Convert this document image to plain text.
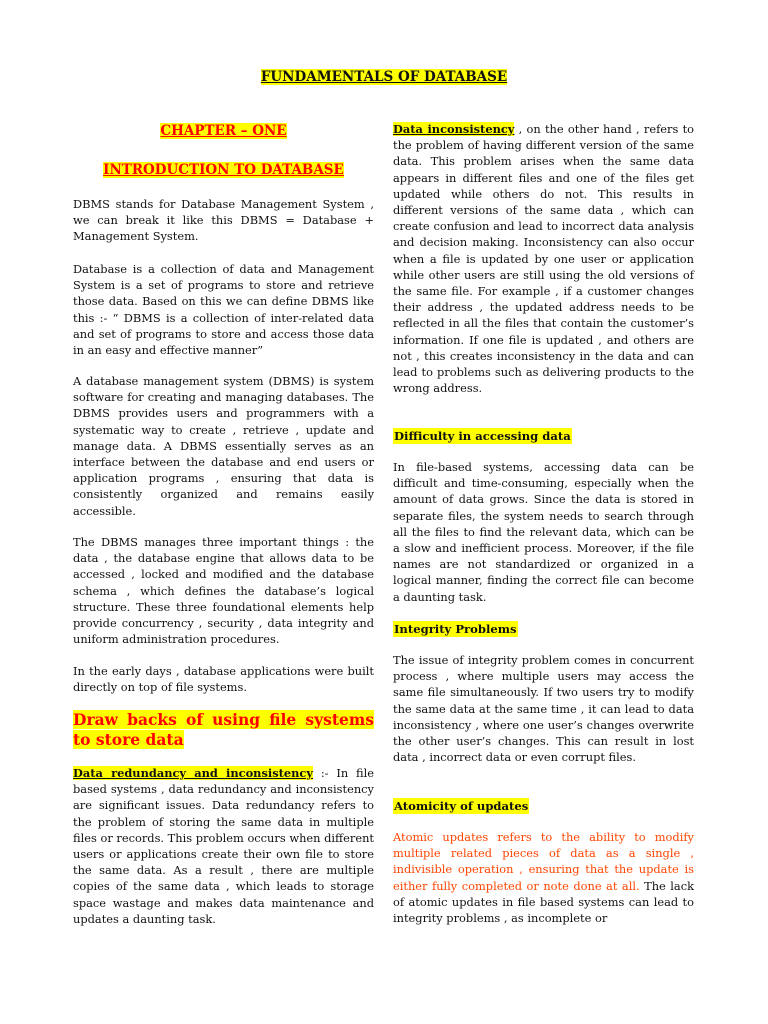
FUNDAMENTALS OF DATABASE
CHAPTER – ONE
INTRODUCTION TO DATABASE

DBMS stands for Database Management System , we can break it like this DBMS = Database + Management System.

Database is a collection of data and Management System is a set of programs to store and retrieve those data. Based on this we can define DBMS like this :- “ DBMS is a collection of inter-related data and set of programs to store and access those data in an easy and effective manner”

A database management system (DBMS) is system software for creating and managing databases. The DBMS provides users and programmers with a systematic way to create , retrieve , update and manage data. A DBMS essentially serves as an interface between the database and end users or application programs , ensuring that data is consistently organized and remains easily accessible.

The DBMS manages three important things : the data , the database engine that allows data to be accessed , locked and modified and the database schema , which defines the database’s logical structure. These three foundational elements help provide concurrency , security , data integrity and uniform administration procedures.

In the early days , database applications were built directly on top of file systems.

Draw backs of using file systems to store data

Data redundancy and inconsistency :- In file based systems , data redundancy and inconsistency are significant issues. Data redundancy refers to the problem of storing the same data in multiple files or records. This problem occurs when different users or applications create their own file to store the same data. As a result , there are multiple copies of the same data , which leads to storage space wastage and makes data maintenance and updates a daunting task.

Data inconsistency , on the other hand , refers to the problem of having different version of the same data. This problem arises when the same data appears in different files and one of the files get updated while others do not. This results in different versions of the same data , which can create confusion and lead to incorrect data analysis and decision making. Inconsistency can also occur when a file is updated by one user or application while other users are still using the old versions of the same file. For example , if a customer changes their address , the updated address needs to be reflected in all the files that contain the customer’s information. If one file is updated , and others are not , this creates inconsistency in the data and can lead to problems such as delivering products to the wrong address.

Difficulty in accessing data

In file-based systems, accessing data can be difficult and time-consuming, especially when the amount of data grows. Since the data is stored in separate files, the system needs to search through all the files to find the relevant data, which can be a slow and inefficient process. Moreover, if the file names are not standardized or organized in a logical manner, finding the correct file can become a daunting task.

Integrity Problems

The issue of integrity problem comes in concurrent process , where multiple users may access the same file simultaneously. If two users try to modify the same data at the same time , it can lead to data inconsistency , where one user’s changes overwrite the other user’s changes. This can result in lost data , incorrect data or even corrupt files.

Atomicity of updates

Atomic updates refers to the ability to modify multiple related pieces of data as a single , indivisible operation , ensuring that the update is either fully completed or note done at all. The lack of atomic updates in file based systems can lead to integrity problems , as incomplete or
